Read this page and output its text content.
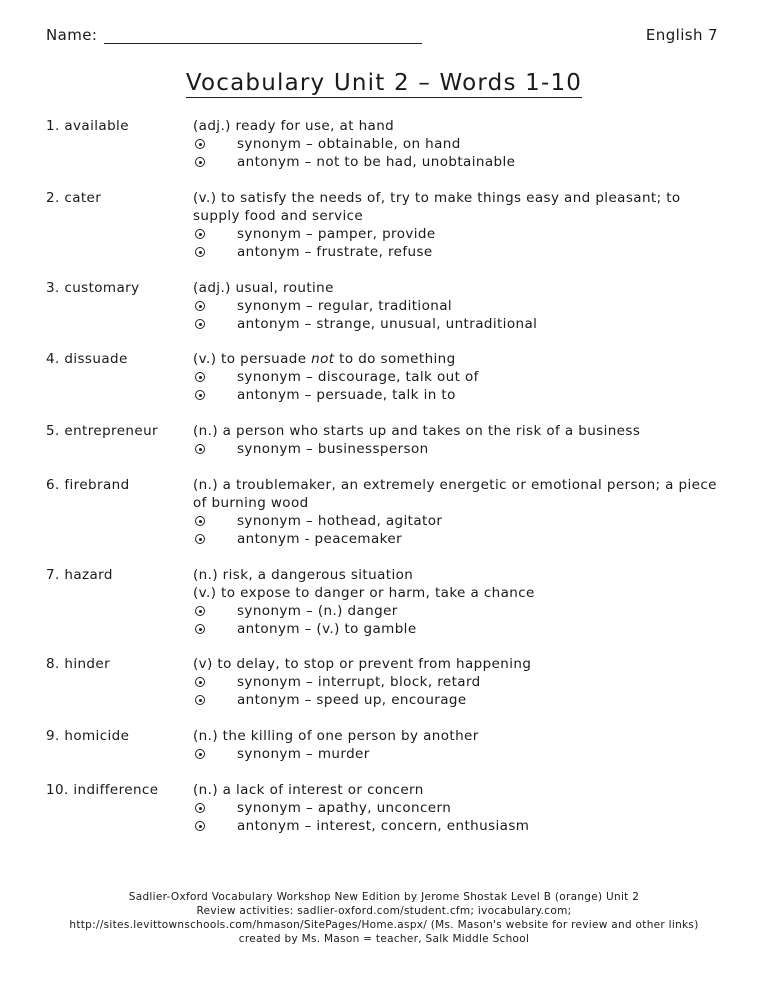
Name:	English 7
Vocabulary Unit 2 – Words 1-10
1. available	(adj.) ready for use, at hand
synonym – obtainable, on hand
antonym – not to be had, unobtainable
2. cater	(v.) to satisfy the needs of, try to make things easy and pleasant; to
supply food and service
synonym – pamper, provide
antonym – frustrate, refuse
3. customary	(adj.) usual, routine
synonym – regular, traditional
antonym – strange, unusual, untraditional
4. dissuade	(v.) to persuade not to do something
synonym – discourage, talk out of
antonym – persuade, talk in to
5. entrepreneur	(n.) a person who starts up and takes on the risk of a business
synonym – businessperson
6. firebrand	(n.) a troublemaker, an extremely energetic or emotional person; a piece
of burning wood
synonym – hothead, agitator
antonym - peacemaker
7. hazard	(n.) risk, a dangerous situation
(v.) to expose to danger or harm, take a chance
synonym – (n.) danger
antonym – (v.) to gamble
8. hinder	(v) to delay, to stop or prevent from happening
synonym – interrupt, block, retard
antonym – speed up, encourage
9. homicide	(n.) the killing of one person by another
synonym – murder
10. indifference	(n.) a lack of interest or concern
synonym – apathy, unconcern
antonym – interest, concern, enthusiasm
Sadlier-Oxford Vocabulary Workshop New Edition by Jerome Shostak Level B (orange) Unit 2
Review activities: sadlier-oxford.com/student.cfm; ivocabulary.com;
http://sites.levittownschools.com/hmason/SitePages/Home.aspx/ (Ms. Mason's website for review and other links)
created by Ms. Mason = teacher, Salk Middle School
